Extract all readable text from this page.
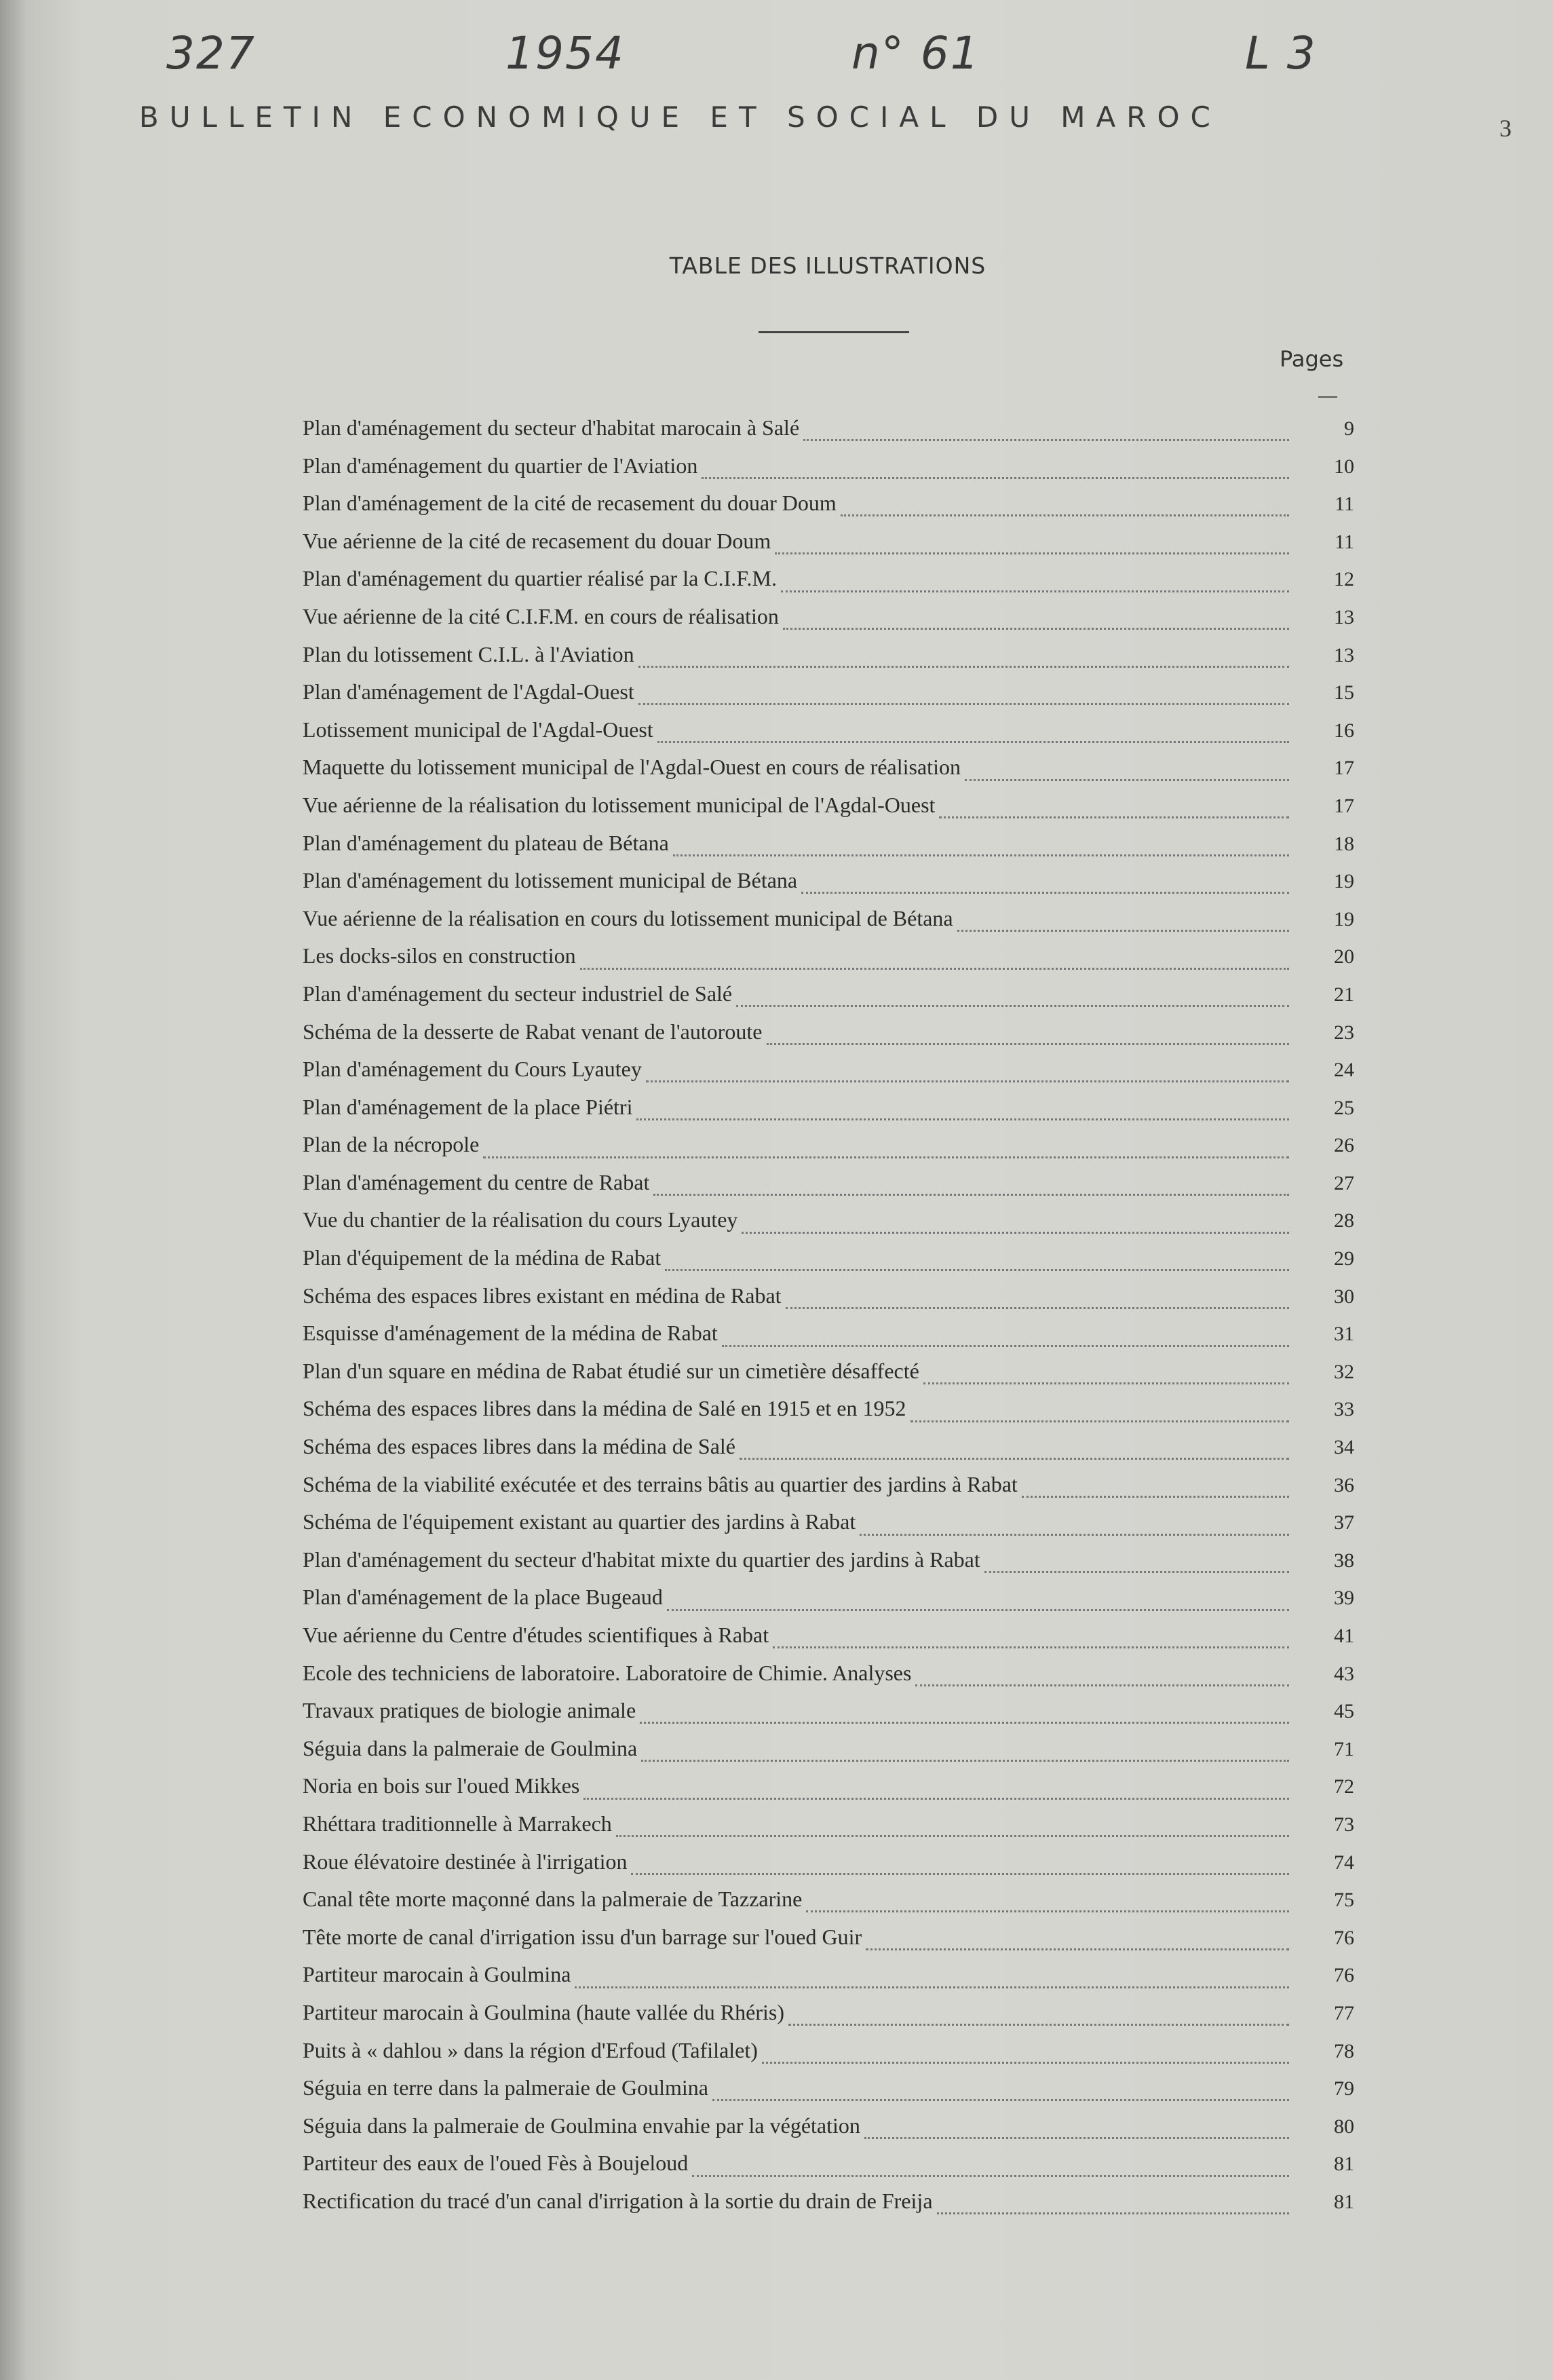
327	1954	n° 61	L 3
BULLETIN ECONOMIQUE ET SOCIAL DU MAROC	3
TABLE DES ILLUSTRATIONS
Pages
Plan d'aménagement du secteur d'habitat marocain à Salé	9
Plan d'aménagement du quartier de l'Aviation	10
Plan d'aménagement de la cité de recasement du douar Doum	11
Vue aérienne de la cité de recasement du douar Doum	11
Plan d'aménagement du quartier réalisé par la C.I.F.M.	12
Vue aérienne de la cité C.I.F.M. en cours de réalisation	13
Plan du lotissement C.I.L. à l'Aviation	13
Plan d'aménagement de l'Agdal-Ouest	15
Lotissement municipal de l'Agdal-Ouest	16
Maquette du lotissement municipal de l'Agdal-Ouest en cours de réalisation	17
Vue aérienne de la réalisation du lotissement municipal de l'Agdal-Ouest	17
Plan d'aménagement du plateau de Bétana	18
Plan d'aménagement du lotissement municipal de Bétana	19
Vue aérienne de la réalisation en cours du lotissement municipal de Bétana	19
Les docks-silos en construction	20
Plan d'aménagement du secteur industriel de Salé	21
Schéma de la desserte de Rabat venant de l'autoroute	23
Plan d'aménagement du Cours Lyautey	24
Plan d'aménagement de la place Piétri	25
Plan de la nécropole	26
Plan d'aménagement du centre de Rabat	27
Vue du chantier de la réalisation du cours Lyautey	28
Plan d'équipement de la médina de Rabat	29
Schéma des espaces libres existant en médina de Rabat	30
Esquisse d'aménagement de la médina de Rabat	31
Plan d'un square en médina de Rabat étudié sur un cimetière désaffecté	32
Schéma des espaces libres dans la médina de Salé en 1915 et en 1952	33
Schéma des espaces libres dans la médina de Salé	34
Schéma de la viabilité exécutée et des terrains bâtis au quartier des jardins à Rabat	36
Schéma de l'équipement existant au quartier des jardins à Rabat	37
Plan d'aménagement du secteur d'habitat mixte du quartier des jardins à Rabat	38
Plan d'aménagement de la place Bugeaud	39
Vue aérienne du Centre d'études scientifiques à Rabat	41
Ecole des techniciens de laboratoire. Laboratoire de Chimie. Analyses	43
Travaux pratiques de biologie animale	45
Séguia dans la palmeraie de Goulmina	71
Noria en bois sur l'oued Mikkes	72
Rhéttara traditionnelle à Marrakech	73
Roue élévatoire destinée à l'irrigation	74
Canal tête morte maçonné dans la palmeraie de Tazzarine	75
Tête morte de canal d'irrigation issu d'un barrage sur l'oued Guir	76
Partiteur marocain à Goulmina	76
Partiteur marocain à Goulmina (haute vallée du Rhéris)	77
Puits à « dahlou » dans la région d'Erfoud (Tafilalet)	78
Séguia en terre dans la palmeraie de Goulmina	79
Séguia dans la palmeraie de Goulmina envahie par la végétation	80
Partiteur des eaux de l'oued Fès à Boujeloud	81
Rectification du tracé d'un canal d'irrigation à la sortie du drain de Freija	81
